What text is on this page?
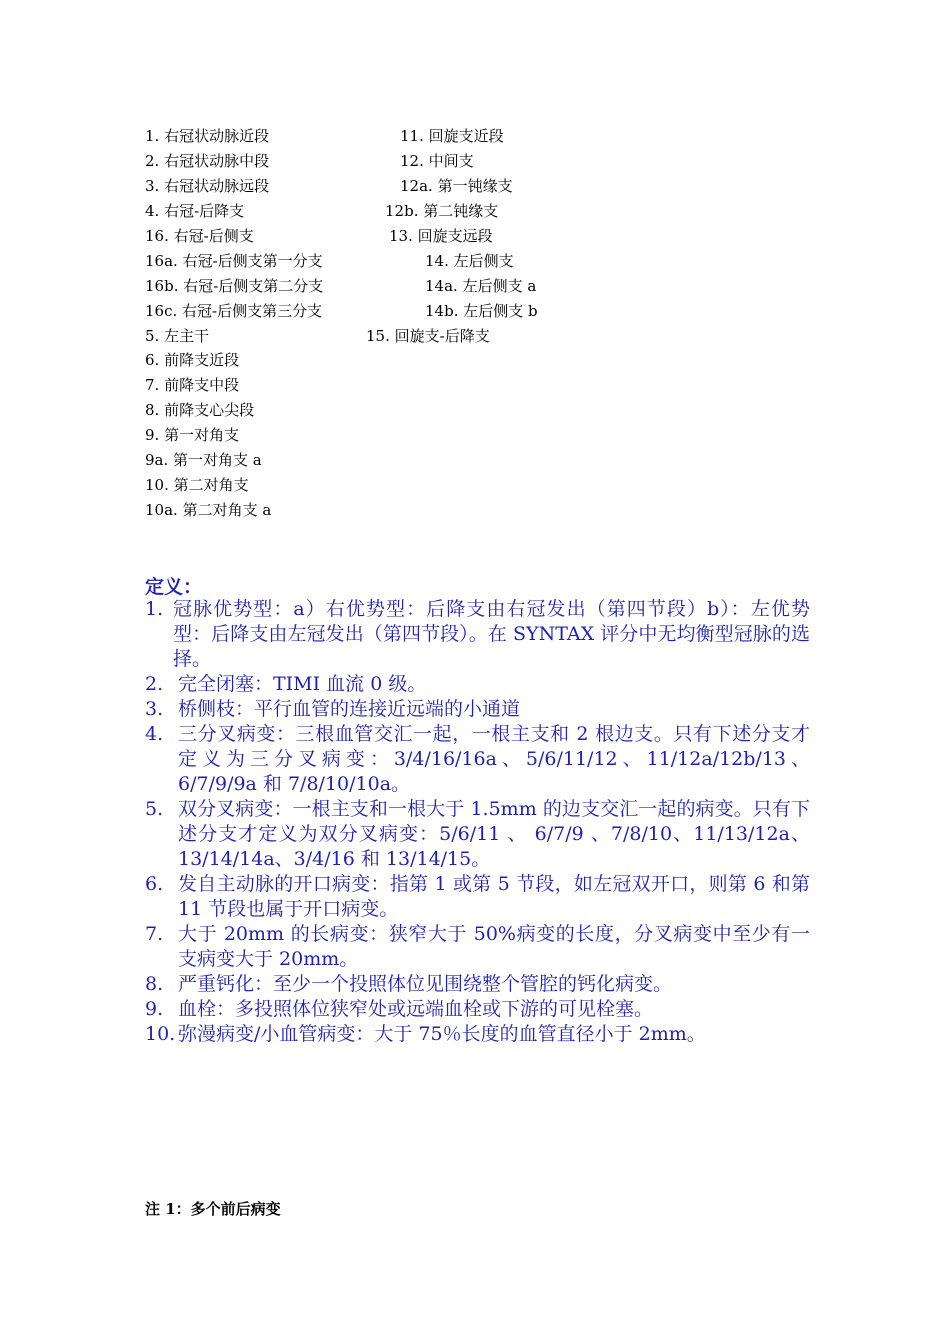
1. 右冠状动脉近段
2. 右冠状动脉中段
3. 右冠状动脉远段
4. 右冠-后降支
16. 右冠-后侧支
16a. 右冠-后侧支第一分支
16b. 右冠-后侧支第二分支
16c. 右冠-后侧支第三分支
5. 左主干
6. 前降支近段
7. 前降支中段
8. 前降支心尖段
9. 第一对角支
9a. 第一对角支 a
10. 第二对角支
10a. 第二对角支 a
11. 回旋支近段
12. 中间支
12a. 第一钝缘支
12b. 第二钝缘支
13. 回旋支远段
14. 左后侧支
14a. 左后侧支 a
14b. 左后侧支 b
15. 回旋支-后降支
定义：
1. 冠脉优势型：a）右优势型：后降支由右冠发出（第四节段）b）：左优势型：后降支由左冠发出（第四节段）。在 SYNTAX 评分中无均衡型冠脉的选择。
2. 完全闭塞：TIMI 血流 0 级。
3. 桥侧枝：平行血管的连接近远端的小通道
4. 三分叉病变：三根血管交汇一起，一根主支和 2 根边支。只有下述分支才定义为三分叉病变：3/4/16/16a、5/6/11/12、11/12a/12b/13、6/7/9/9a 和 7/8/10/10a。
5. 双分叉病变：一根主支和一根大于 1.5mm 的边支交汇一起的病变。只有下述分支才定义为双分叉病变：5/6/11 、 6/7/9 、7/8/10、11/13/12a、 13/14/14a、3/4/16 和 13/14/15。
6. 发自主动脉的开口病变：指第 1 或第 5 节段，如左冠双开口，则第 6 和第 11 节段也属于开口病变。
7. 大于 20mm 的长病变：狭窄大于 50%病变的长度，分叉病变中至少有一支病变大于 20mm。
8. 严重钙化：至少一个投照体位见围绕整个管腔的钙化病变。
9. 血栓：多投照体位狭窄处或远端血栓或下游的可见栓塞。
10. 弥漫病变/小血管病变：大于 75％长度的血管直径小于 2mm。
注 1：多个前后病变
